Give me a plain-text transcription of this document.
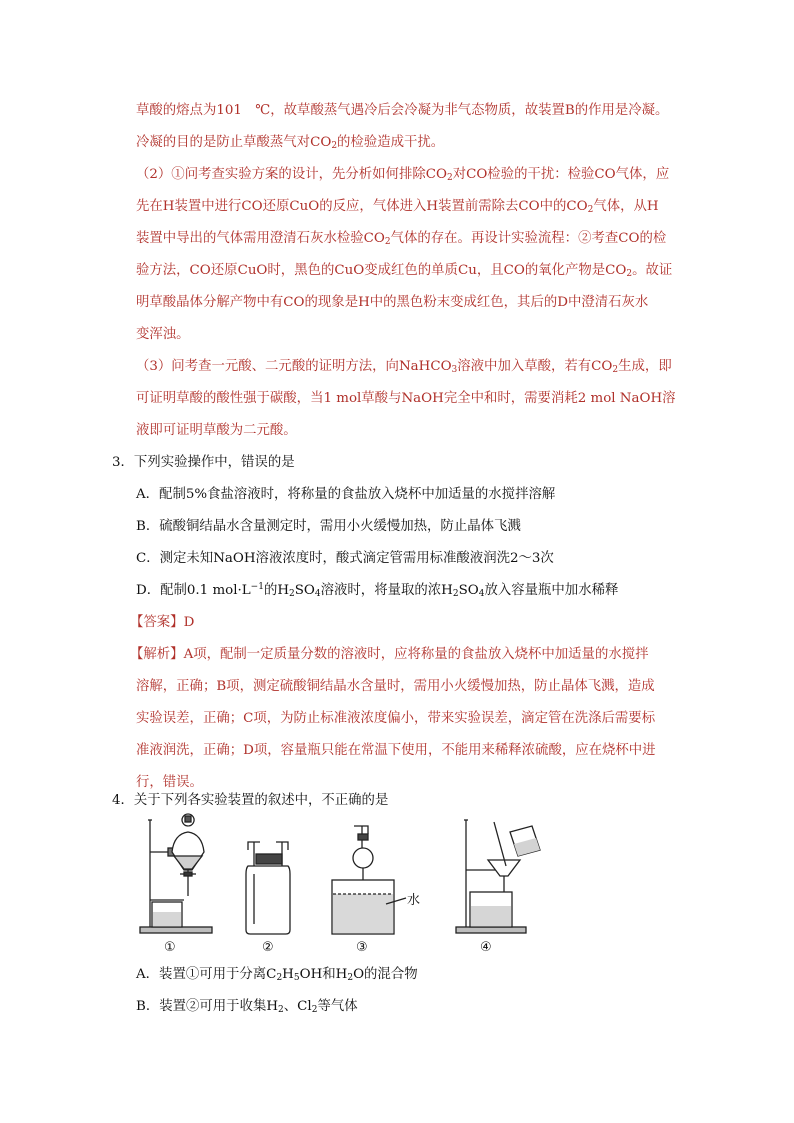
草酸的熔点为101　℃，故草酸蒸气遇冷后会冷凝为非气态物质，故装置B的作用是冷凝。
冷凝的目的是防止草酸蒸气对$CO_2$的检验造成干扰。
（2）①问考查实验方案的设计，先分析如何排除$CO_2$对CO检验的干扰：检验CO气体，应
先在H装置中进行CO还原CuO的反应，气体进入H装置前需除去CO中的$CO_2$气体，从H
装置中导出的气体需用澄清石灰水检验$CO_2$气体的存在。再设计实验流程：②考查CO的检
验方法，CO还原CuO时，黑色的CuO变成红色的单质Cu，且CO的氧化产物是$CO_2$。故证
明草酸晶体分解产物中有CO的现象是H中的黑色粉末变成红色，其后的D中澄清石灰水
变浑浊。
（3）问考查一元酸、二元酸的证明方法，向NaHCO$_3$溶液中加入草酸，若有$CO_2$生成，即
可证明草酸的酸性强于碳酸，当1 mol草酸与NaOH完全中和时，需要消耗2 mol NaOH溶
液即可证明草酸为二元酸。
3．下列实验操作中，错误的是
A．配制5%食盐溶液时，将称量的食盐放入烧杯中加适量的水搅拌溶解
B．硫酸铜结晶水含量测定时，需用小火缓慢加热，防止晶体飞溅
C．测定未知NaOH溶液浓度时，酸式滴定管需用标准酸液润洗2～3次
D．配制0.1 $mol\cdot L^{-1}$的$H_2SO_4$溶液时，将量取的浓$H_2SO_4$放入容量瓶中加水稀释
【答案】D
【解析】A项，配制一定质量分数的溶液时，应将称量的食盐放入烧杯中加适量的水搅拌
溶解，正确；B项，测定硫酸铜结晶水含量时，需用小火缓慢加热，防止晶体飞溅，造成
实验误差，正确；C项，为防止标准液浓度偏小，带来实验误差，滴定管在洗涤后需要标
准液润洗，正确；D项，容量瓶只能在常温下使用，不能用来稀释浓硫酸，应在烧杯中进
行，错误。
4．关于下列各实验装置的叙述中，不正确的是
①	②
水
③	④
A．装置①可用于分离$C_2H_5OH$和$H_2O$的混合物
B．装置②可用于收集$H_2$、$Cl_2$等气体
